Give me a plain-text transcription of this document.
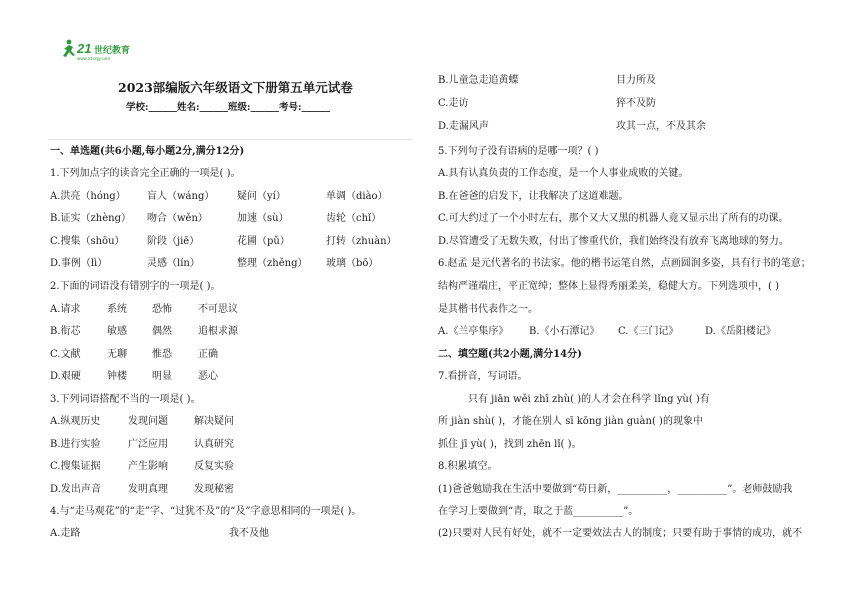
21 世纪教育
www.21cnjy.com
2023部编版六年级语文下册第五单元试卷
学校:______姓名:______班级:______考号:______
一、单选题(共6小题,每小题2分,满分12分)
1.下列加点字的读音完全正确的一项是( )。
A.洪亮（hóng） 盲人（wáng） 疑问（yí）	单调（diào）
B.证实（zhèng） 吻合（wěn）	加速（sù）	齿轮（chǐ）
C.搜集（shōu） 阶段（jiē）	花圃（pǔ）	打转（zhuàn）
D.事例（lì）	灵感（lín）	整理（zhěng） 玻璃（bō）
2.下面的词语没有错别字的一项是( )。
A.请求	系统	恐怖	不可思议
B.衔芯	敏感	偶然	追根求源
C.文献	无聊	惟恐	正确
D.艰硬	钟楼	明显	恶心
3.下列词语搭配不当的一项是( )。
A.纵观历史	发现问题	解决疑问
B.进行实验	广泛应用	认真研究
C.搜集证据	产生影响	反复实验
D.发出声音	发明真理	发现秘密
4.与“走马观花”的“走”字、“过犹不及”的“及”字意思相同的一项是( )。
A.走路	我不及他
B.儿童急走追黄蝶	目力所及
C.走访	猝不及防
D.走漏风声	攻其一点，不及其余
5.下列句子没有语病的是哪一项？( )
A.具有认真负责的工作态度，是一个人事业成败的关键。
B.在爸爸的启发下，让我解决了这道难题。
C.可大约过了一个小时左右，那个又大又黑的机器人竟又显示出了所有的功课。
D.尽管遭受了无数失败，付出了惨重代价，我们始终没有放弃飞离地球的努力。
6.赵孟 是元代著名的书法家。他的楷书运笔自然，点画圆润多姿，具有行书的笔意；
结构严谨端庄，平正宽绰；整体上显得秀丽柔美，稳健大方。下列选项中，( )
是其楷书代表作之一。
A.《兰亭集序》 B.《小石潭记》 C.《三门记》	D.《岳阳楼记》
二、填空题(共2小题,满分14分)
7.看拼音，写词语。
只有 jiān wěi zhī zhù( )的人才会在科学 lǐng yù( )有
所 jiàn shù( )，才能在别人 sī kōng jiàn guàn( )的现象中
抓住 jī yù( )，找到 zhēn lǐ( )。
8.积累填空。
(1)爸爸勉励我在生活中要做到“苟日新，__________，__________”。老师鼓励我
在学习上要做到“青，取之于蓝__________”。
(2)只要对人民有好处，就不一定要效法古人的制度；只要有助于事情的成功，就不
